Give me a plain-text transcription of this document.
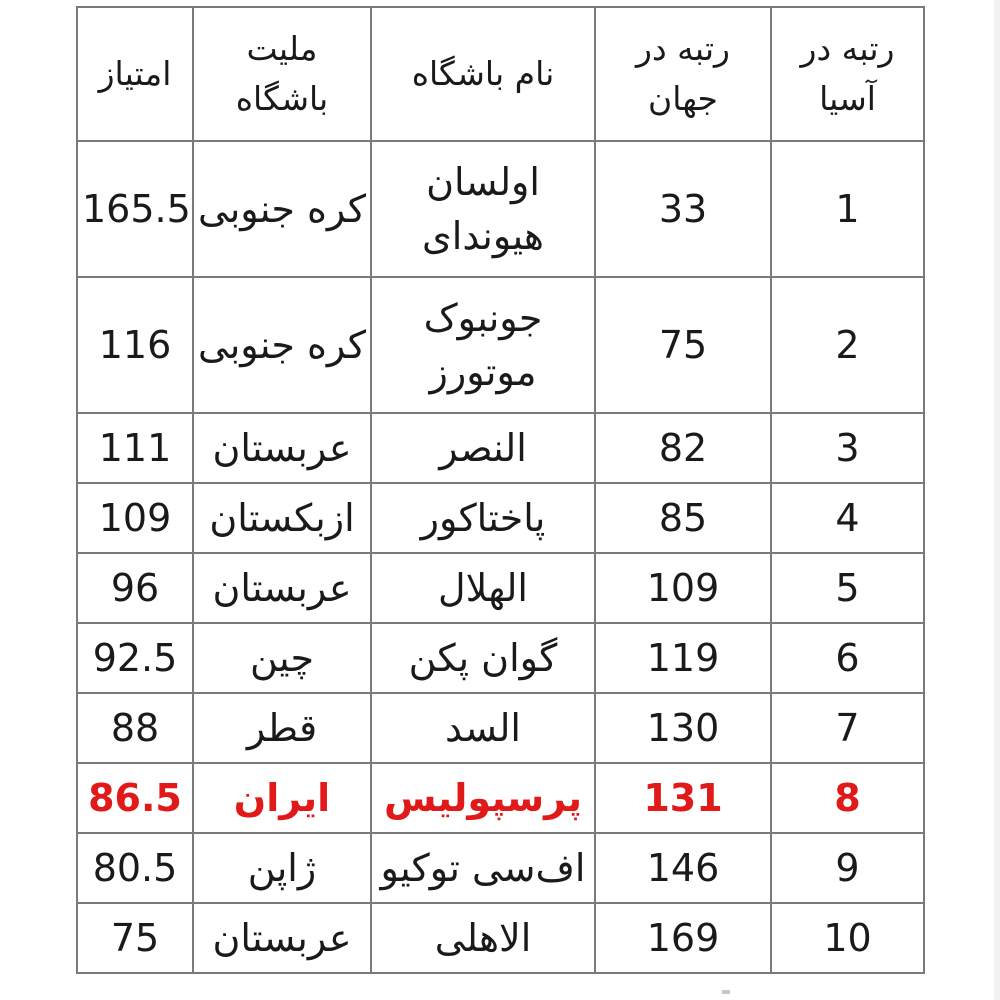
امتیاز	ملیت باشگاه	نام باشگاه	رتبه در جهان	رتبه در آسیا
165.5	کره جنوبی	اولسان هیوندای	33	1
116	کره جنوبی	جونبوک موتورز	75	2
111	عربستان	النصر	82	3
109	ازبکستان	پاختاکور	85	4
96	عربستان	الهلال	109	5
92.5	چین	گوان پکن	119	6
88	قطر	السد	130	7
86.5	ایران	پرسپولیس	131	8
80.5	ژاپن	اف‌سی توکیو	146	9
75	عربستان	الاهلی	169	10
